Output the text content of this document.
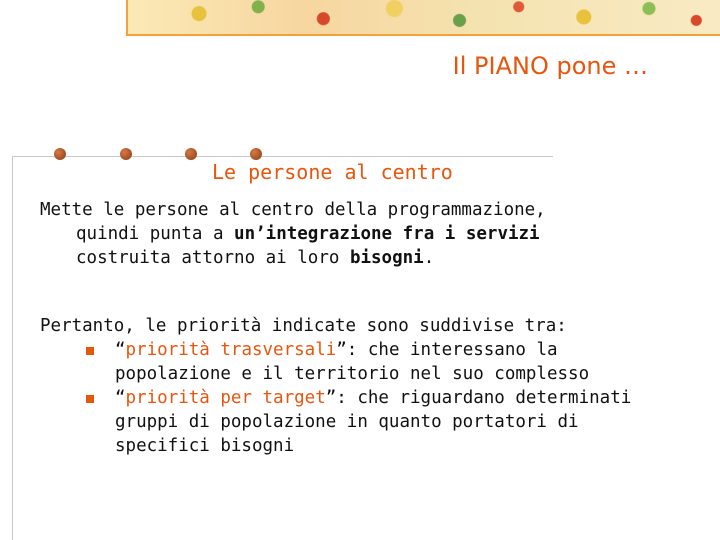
Il PIANO pone …
Le persone al centro
Mette le persone al centro della programmazione,
quindi punta a un’integrazione fra i servizi
costruita attorno ai loro bisogni.
Pertanto, le priorità indicate sono suddivise tra:
“priorità trasversali”: che interessano la
popolazione e il territorio nel suo complesso
“priorità per target”: che riguardano determinati
gruppi di popolazione in quanto portatori di
specifici bisogni
